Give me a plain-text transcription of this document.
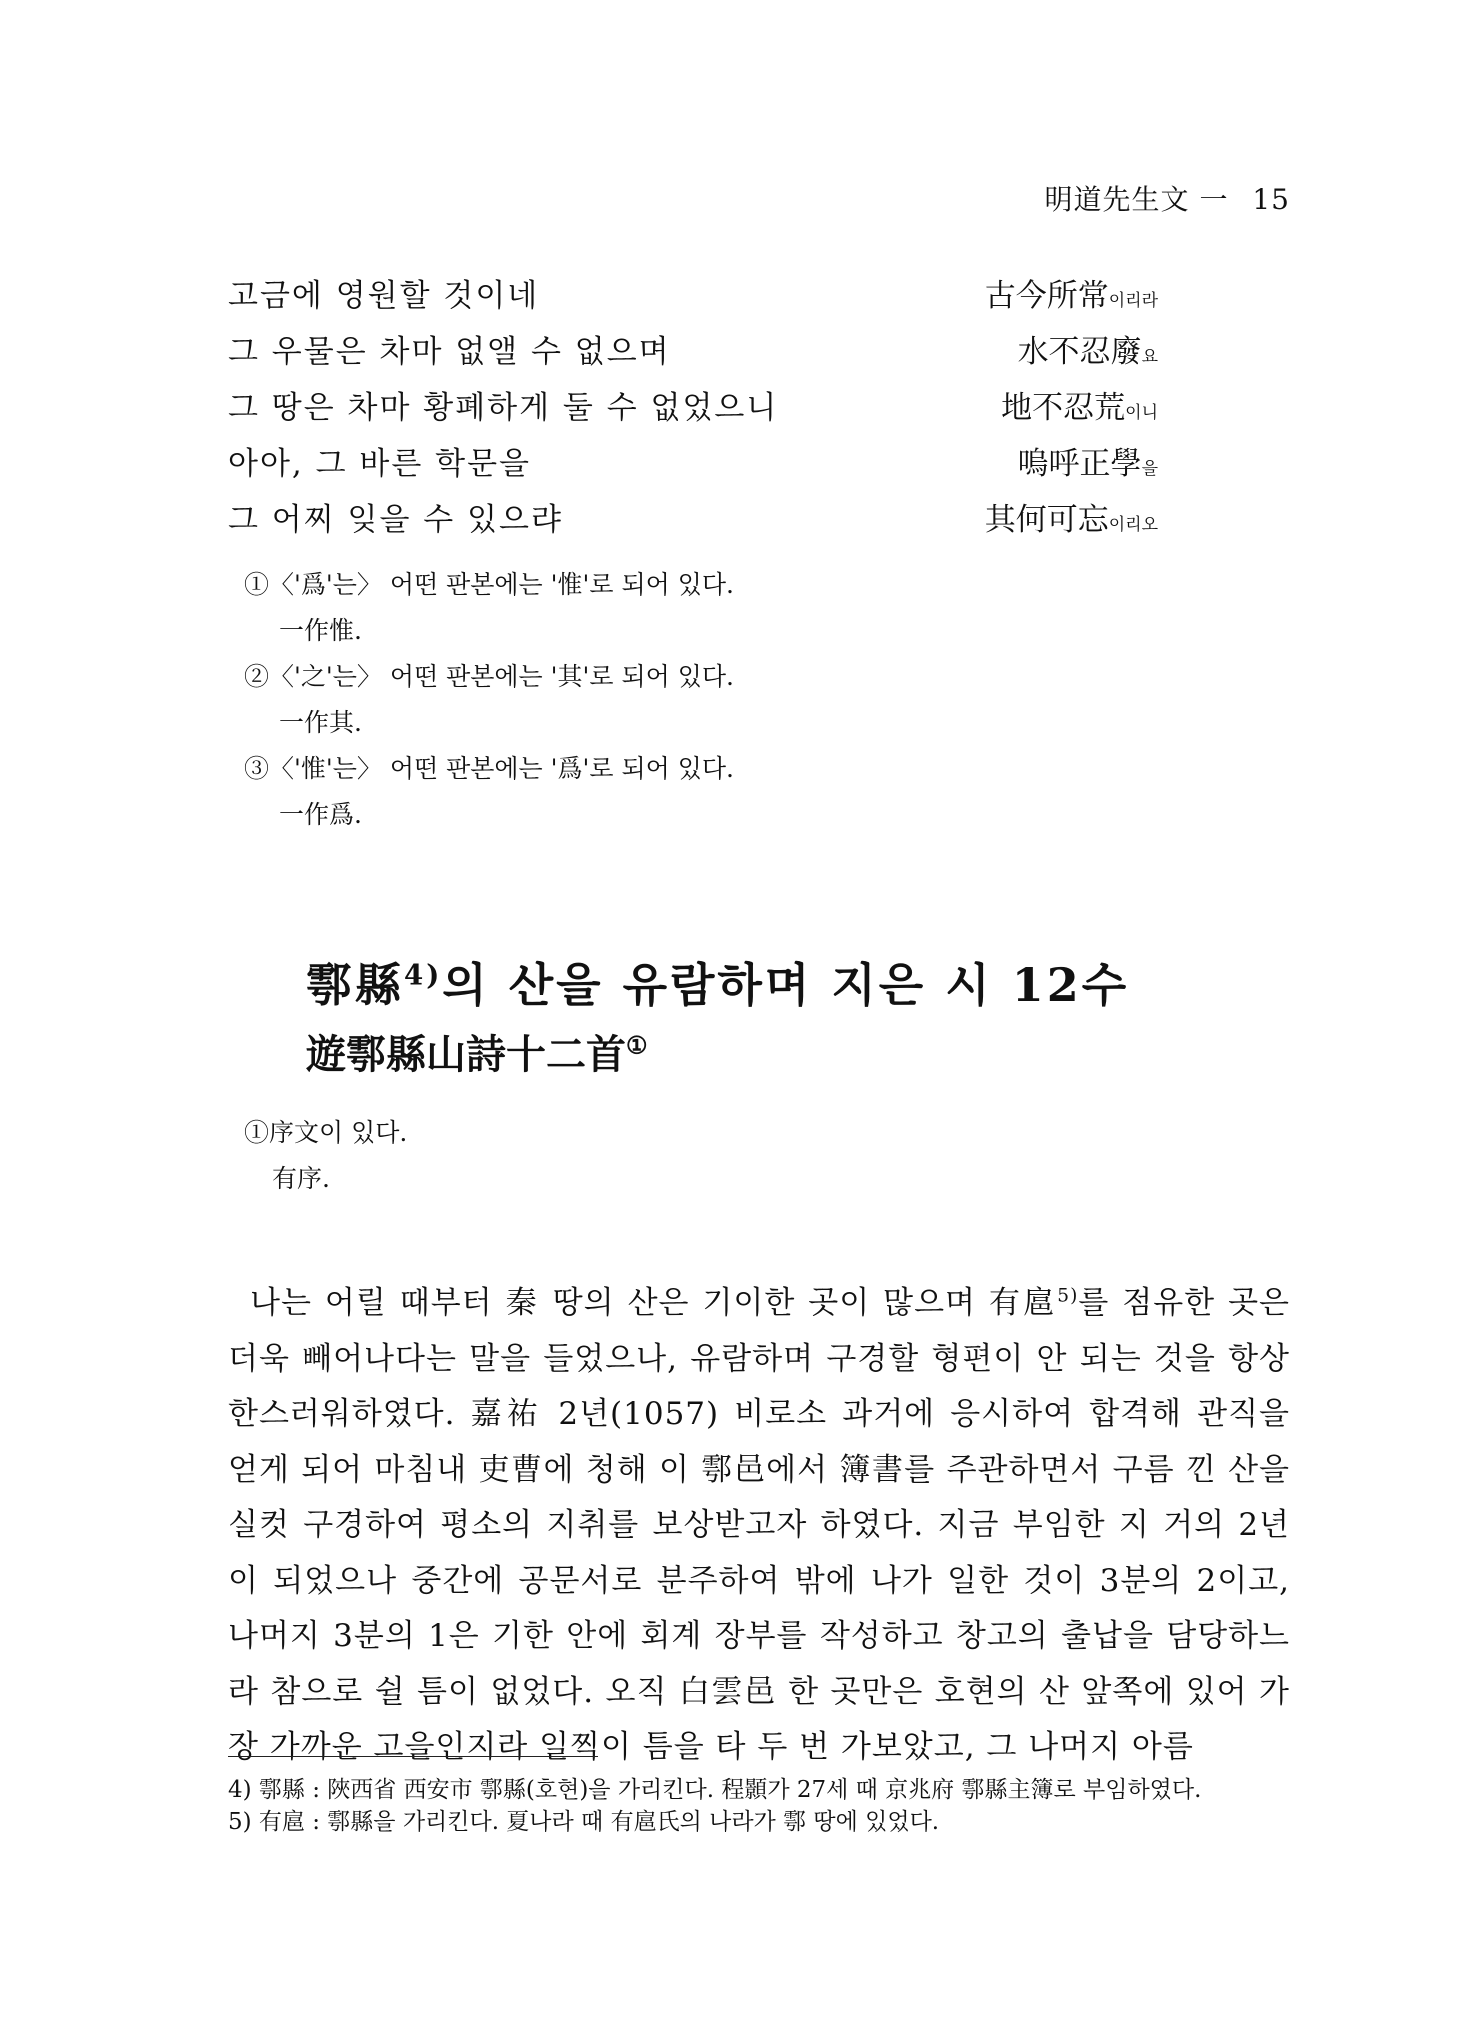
明道先生文 一 15
고금에 영원할 것이네	古今所常이리라
그 우물은 차마 없앨 수 없으며	水不忍廢요
그 땅은 차마 황폐하게 둘 수 없었으니	地不忍荒이니
아아, 그 바른 학문을	嗚呼正學을
그 어찌 잊을 수 있으랴	其何可忘이리오
①〈'爲'는〉 어떤 판본에는 '惟'로 되어 있다.
一作惟.
②〈'之'는〉 어떤 판본에는 '其'로 되어 있다.
一作其.
③〈'惟'는〉 어떤 판본에는 '爲'로 되어 있다.
一作爲.
鄠縣$^{4)}$의 산을 유람하며 지은 시 12수
遊鄠縣山詩十二首①
①序文이 있다.
有序.
나는 어릴 때부터 秦 땅의 산은 기이한 곳이 많으며 有扈$^{5)}$를 점유한 곳은 더욱 빼어나다는 말을 들었으나, 유람하며 구경할 형편이 안 되는 것을 항상 한스러워하였다. 嘉祐 2년(1057) 비로소 과거에 응시하여 합격해 관직을 얻게 되어 마침내 吏曹에 청해 이 鄠邑에서 簿書를 주관하면서 구름 낀 산을 실컷 구경하여 평소의 지취를 보상받고자 하였다. 지금 부임한 지 거의 2년이 되었으나 중간에 공문서로 분주하여 밖에 나가 일한 것이 3분의 2이고, 나머지 3분의 1은 기한 안에 회계 장부를 작성하고 창고의 출납을 담당하느라 참으로 쉴 틈이 없었다. 오직 白雲邑 한 곳만은 호현의 산 앞쪽에 있어 가장 가까운 고을인지라 일찍이 틈을 타 두 번 가보았고, 그 나머지 아름
4) 鄠縣 : 陜西省 西安市 鄠縣(호현)을 가리킨다. 程顥가 27세 때 京兆府 鄠縣主簿로 부임하였다.
5) 有扈 : 鄠縣을 가리킨다. 夏나라 때 有扈氏의 나라가 鄠 땅에 있었다.
